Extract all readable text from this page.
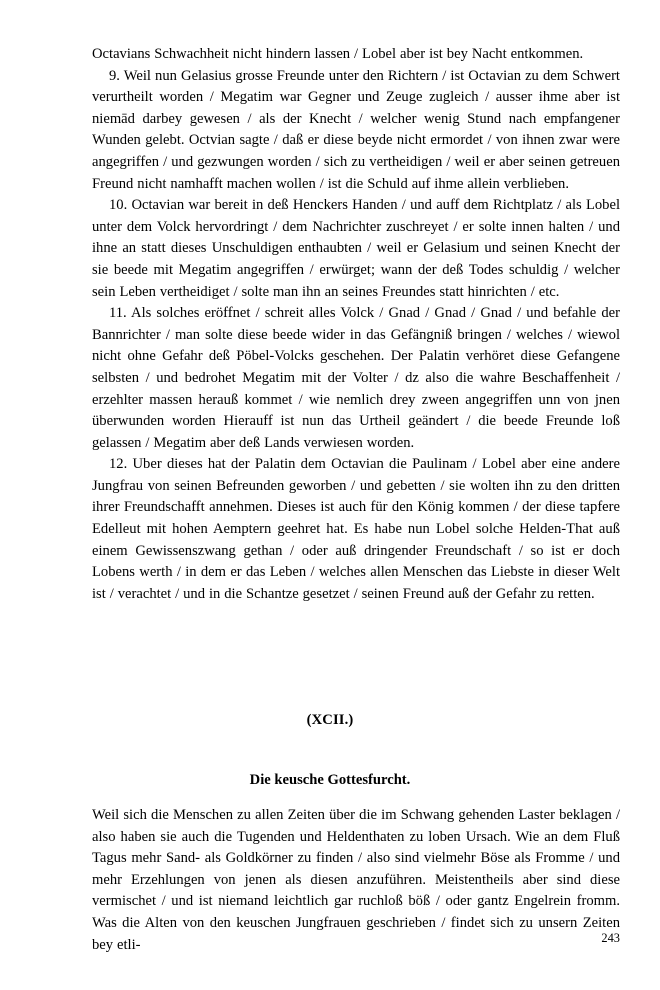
Octavians Schwachheit nicht hindern lassen / Lobel aber ist bey Nacht entkommen.

9. Weil nun Gelasius grosse Freunde unter den Richtern / ist Octavian zu dem Schwert verurtheilt worden / Megatim war Gegner und Zeuge zugleich / ausser ihme aber ist niemād darbey gewesen / als der Knecht / welcher wenig Stund nach empfangener Wunden gelebt. Octvian sagte / daß er diese beyde nicht ermordet / von ihnen zwar were angegriffen / und gezwungen worden / sich zu vertheidigen / weil er aber seinen getreuen Freund nicht namhafft machen wollen / ist die Schuld auf ihme allein verblieben.

10. Octavian war bereit in deß Henckers Handen / und auff dem Richtplatz / als Lobel unter dem Volck hervordringt / dem Nachrichter zuschreyet / er solte innen halten / und ihne an statt dieses Unschuldigen enthaubten / weil er Gelasium und seinen Knecht der sie beede mit Megatim angegriffen / erwürget; wann der deß Todes schuldig / welcher sein Leben vertheidiget / solte man ihn an seines Freundes statt hinrichten / etc.

11. Als solches eröffnet / schreit alles Volck / Gnad / Gnad / Gnad / und befahle der Bannrichter / man solte diese beede wider in das Gefängniß bringen / welches / wiewol nicht ohne Gefahr deß Pöbel-Volcks geschehen. Der Palatin verhöret diese Gefangene selbsten / und bedrohet Megatim mit der Volter / dz also die wahre Beschaffenheit / erzehlter massen herauß kommet / wie nemlich drey zween angegriffen unn von jnen überwunden worden Hierauff ist nun das Urtheil geändert / die beede Freunde loß gelassen / Megatim aber deß Lands verwiesen worden.

12. Uber dieses hat der Palatin dem Octavian die Paulinam / Lobel aber eine andere Jungfrau von seinen Befreunden geworben / und gebetten / sie wolten ihn zu den dritten ihrer Freundschafft annehmen. Dieses ist auch für den König kommen / der diese tapfere Edelleut mit hohen Aemptern geehret hat. Es habe nun Lobel solche Helden-That auß einem Gewissenszwang gethan / oder auß dringender Freundschaft / so ist er doch Lobens werth / in dem er das Leben / welches allen Menschen das Liebste in dieser Welt ist / verachtet / und in die Schantze gesetzet / seinen Freund auß der Gefahr zu retten.

(XCII.)
Die keusche Gottesfurcht.

Weil sich die Menschen zu allen Zeiten über die im Schwang gehenden Laster beklagen / also haben sie auch die Tugenden und Heldenthaten zu loben Ursach. Wie an dem Fluß Tagus mehr Sand- als Goldkörner zu finden / also sind vielmehr Böse als Fromme / und mehr Erzehlungen von jenen als diesen anzuführen. Meistentheils aber sind diese vermischet / und ist niemand leichtlich gar ruchloß böß / oder gantz Engelrein fromm. Was die Alten von den keuschen Jungfrauen geschrieben / findet sich zu unsern Zeiten bey etli-	243
